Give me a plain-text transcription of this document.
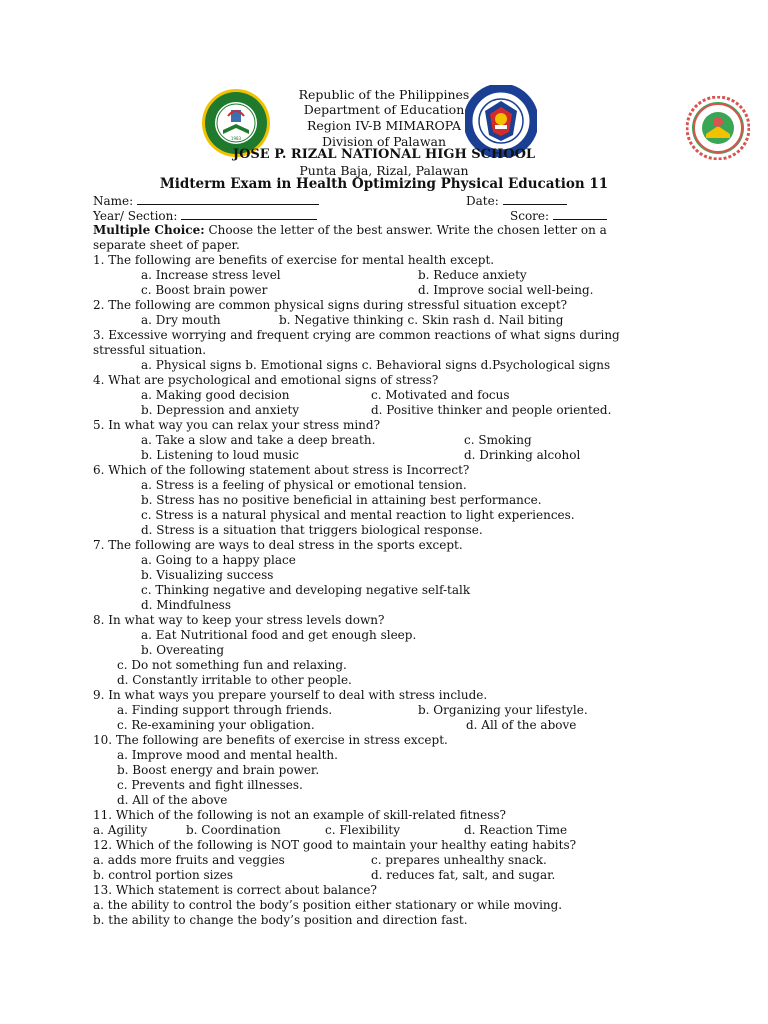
1983
Republic of the Philippines
Department of Education
Region IV-B MIMAROPA
Division of Palawan
JOSE P. RIZAL NATIONAL HIGH SCHOOL
Punta Baja, Rizal, Palawan
Midterm Exam in Health Optimizing Physical Education 11
Name:	Date:
Year/ Section:	Score:
Multiple Choice: Choose the letter of the best answer. Write the chosen letter on a
separate sheet of paper.
1. The following are benefits of exercise for mental health except.
a. Increase stress level	b. Reduce anxiety
c. Boost brain power	d. Improve social well-being.
2. The following are common physical signs during stressful situation except?
a. Dry mouth	b. Negative thinking c. Skin rash d. Nail biting
3. Excessive worrying and frequent crying are common reactions of what signs during
stressful situation.
a. Physical signs b. Emotional signs c. Behavioral signs d.Psychological signs
4. What are psychological and emotional signs of stress?
a. Making good decision	c. Motivated and focus
b. Depression and anxiety	d. Positive thinker and people oriented.
5. In what way you can relax your stress mind?
a. Take a slow and take a deep breath.	c. Smoking
b. Listening to loud music	d. Drinking alcohol
6. Which of the following statement about stress is Incorrect?
a. Stress is a feeling of physical or emotional tension.
b. Stress has no positive beneficial in attaining best performance.
c. Stress is a natural physical and mental reaction to light experiences.
d. Stress is a situation that triggers biological response.
7. The following are ways to deal stress in the sports except.
a. Going to a happy place
b. Visualizing success
c. Thinking negative and developing negative self-talk
d. Mindfulness
8. In what way to keep your stress levels down?
a. Eat Nutritional food and get enough sleep.
b. Overeating
c. Do not something fun and relaxing.
d. Constantly irritable to other people.
9. In what ways you prepare yourself to deal with stress include.
a. Finding support through friends.	b. Organizing your lifestyle.
c. Re-examining your obligation.	d. All of the above
10. The following are benefits of exercise in stress except.
a. Improve mood and mental health.
b. Boost energy and brain power.
c. Prevents and fight illnesses.
d. All of the above
11. Which of the following is not an example of skill-related fitness?
a. Agility	b. Coordination	c. Flexibility	d. Reaction Time
12. Which of the following is NOT good to maintain your healthy eating habits?
a. adds more fruits and veggies	c. prepares unhealthy snack.
b. control portion sizes	d. reduces fat, salt, and sugar.
13. Which statement is correct about balance?
a. the ability to control the body’s position either stationary or while moving.
b. the ability to change the body’s position and direction fast.
